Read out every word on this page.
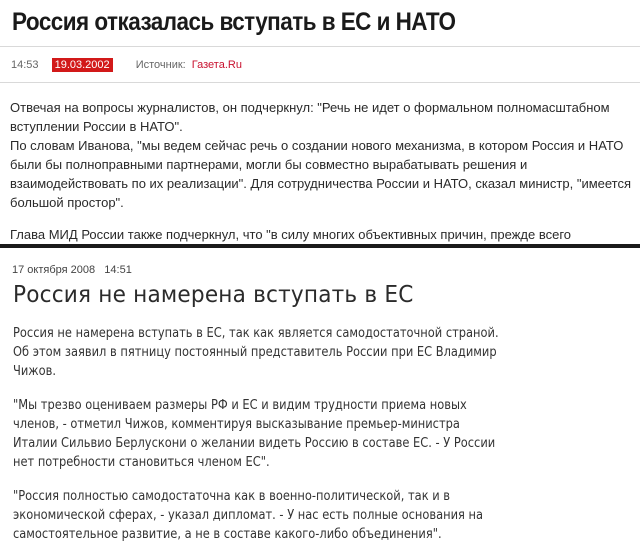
Россия отказалась вступать в ЕС и НАТО
14:53 19.03.2002 Источник: Газета.Ru

Отвечая на вопросы журналистов, он подчеркнул: "Речь не идет о формальном полномасштабном вступлении России в НАТО".

По словам Иванова, "мы ведем сейчас речь о создании нового механизма, в котором Россия и НАТО были бы полноправными партнерами, могли бы совместно вырабатывать решения и взаимодействовать по их реализации". Для сотрудничества России и НАТО, сказал министр, "имеется большой простор".

Глава МИД России также подчеркнул, что "в силу многих объективных причин, прежде всего

17 октября 2008   14:51
Россия не намерена вступать в ЕС

Россия не намерена вступать в ЕС, так как является самодостаточной страной.
Об этом заявил в пятницу постоянный представитель России при ЕС Владимир
Чижов.

"Мы трезво оцениваем размеры РФ и ЕС и видим трудности приема новых
членов, - отметил Чижов, комментируя высказывание премьер-министра
Италии Сильвио Берлускони о желании видеть Россию в составе ЕС. - У России
нет потребности становиться членом ЕС".

"Россия полностью самодостаточна как в военно-политической, так и в
экономической сферах, - указал дипломат. - У нас есть полные основания на
самостоятельное развитие, а не в составе какого-либо объединения".
